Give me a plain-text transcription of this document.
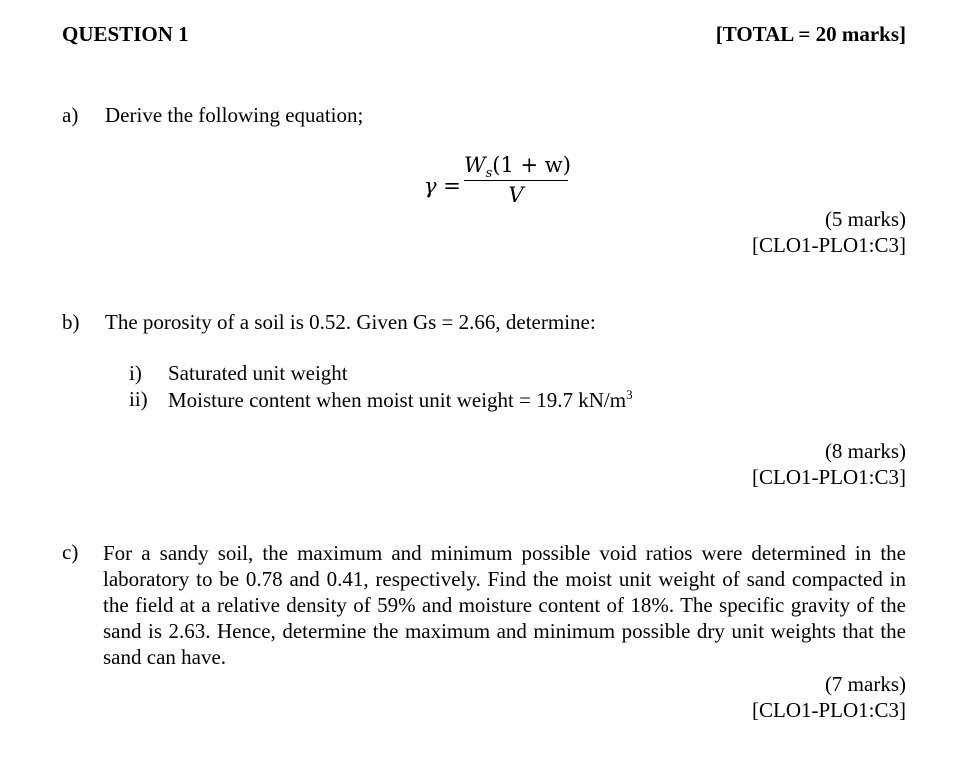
QUESTION 1	[TOTAL = 20 marks]
a) Derive the following equation;
γ =
$W_s(1 + w)$
V
(5 marks)
[CLO1-PLO1:C3]
b) The porosity of a soil is 0.52. Given Gs = 2.66, determine:
i) Saturated unit weight
ii) Moisture content when moist unit weight = 19.7 $kN/m^3$
(8 marks)
[CLO1-PLO1:C3]
c) For a sandy soil, the maximum and minimum possible void ratios were determined in the laboratory to be 0.78 and 0.41, respectively. Find the moist unit weight of sand compacted in the field at a relative density of 59% and moisture content of 18%. The specific gravity of the sand is 2.63. Hence, determine the maximum and minimum possible dry unit weights that the sand can have.
(7 marks)
[CLO1-PLO1:C3]
